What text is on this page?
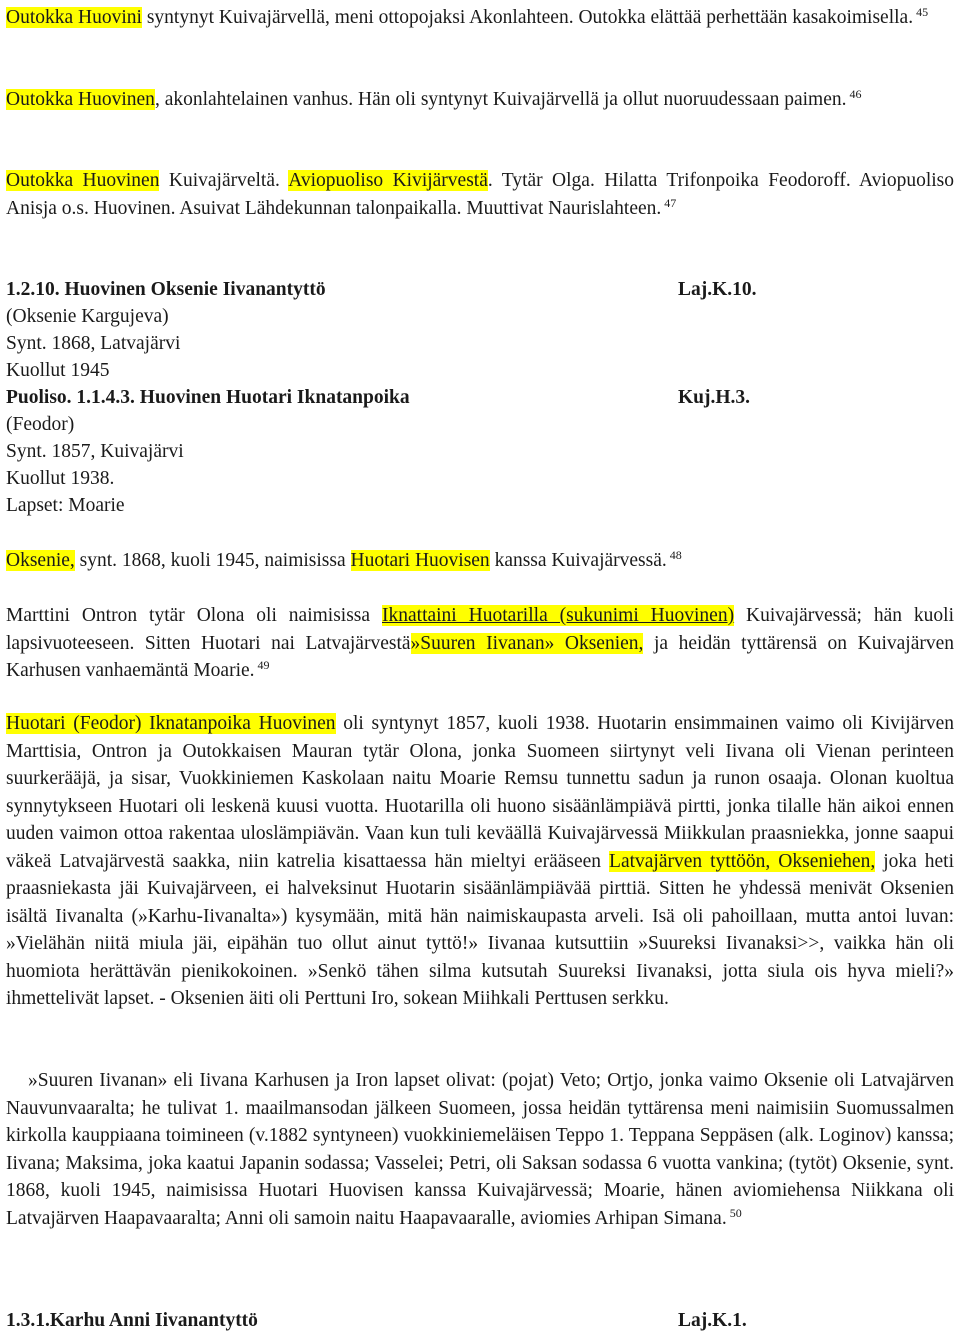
Outokka Huovini syntynyt Kuivajärvellä, meni ottopojaksi Akonlahteen. Outokka elättää perhettään kasakoimisella. $^{45}$

Outokka Huovinen, akonlahtelainen vanhus. Hän oli syntynyt Kuivajärvellä ja ollut nuoruudessaan paimen. $^{46}$

Outokka Huovinen Kuivajärveltä. Aviopuoliso Kivijärvestä. Tytär Olga. Hilatta Trifonpoika Feodoroff. Aviopuoliso Anisja o.s. Huovinen. Asuivat Lähdekunnan talonpaikalla. Muuttivat Naurislahteen. $^{47}$

1.2.10. Huovinen Oksenie Iivanantyttö	Laj.K.10.
(Oksenie Kargujeva)
Synt. 1868, Latvajärvi
Kuollut 1945
Puoliso. 1.1.4.3. Huovinen Huotari Iknatanpoika	Kuj.H.3.
(Feodor)
Synt. 1857, Kuivajärvi
Kuollut 1938.
Lapset: Moarie

Oksenie, synt. 1868, kuoli 1945, naimisissa Huotari Huovisen kanssa Kuivajärvessä. $^{48}$

Marttini Ontron tytär Olona oli naimisissa Iknattaini Huotarilla (sukunimi Huovinen) Kuivajärvessä; hän kuoli lapsivuoteeseen. Sitten Huotari nai Latvajärvestä»Suuren Iivanan» Oksenien, ja heidän tyttärensä on Kuivajärven Karhusen vanhaemäntä Moarie. $^{49}$

Huotari (Feodor) Iknatanpoika Huovinen oli syntynyt 1857, kuoli 1938. Huotarin ensimmainen vaimo oli Kivijärven Marttisia, Ontron ja Outokkaisen Mauran tytär Olona, jonka Suomeen siirtynyt veli Iivana oli Vienan perinteen suurkerääjä, ja sisar, Vuokkiniemen Kaskolaan naitu Moarie Remsu tunnettu sadun ja runon osaaja. Olonan kuoltua synnytykseen Huotari oli leskenä kuusi vuotta. Huotarilla oli huono sisäänlämpiävä pirtti, jonka tilalle hän aikoi ennen uuden vaimon ottoa rakentaa uloslämpiävän. Vaan kun tuli keväällä Kuivajärvessä Miikkulan praasniekka, jonne saapui väkeä Latvajärvestä saakka, niin katrelia kisattaessa hän mieltyi erääseen Latvajärven tyttöön, Okseniehen, joka heti praasniekasta jäi Kuivajärveen, ei halveksinut Huotarin sisäänlämpiävää pirttiä. Sitten he yhdessä menivät Oksenien isältä Iivanalta (»Karhu-Iivanalta») kysymään, mitä hän naimiskaupasta arveli. Isä oli pahoillaan, mutta antoi luvan: »Vielähän niitä miula jäi, eipähän tuo ollut ainut tyttö!» Iivanaa kutsuttiin »Suureksi Iivanaksi>>, vaikka hän oli huomiota herättävän pienikokoinen. »Senkö tähen silma kutsutah Suureksi Iivanaksi, jotta siula ois hyva mieli?» ihmettelivät lapset. - Oksenien äiti oli Perttuni Iro, sokean Miihkali Perttusen serkku.

»Suuren Iivanan» eli Iivana Karhusen ja Iron lapset olivat: (pojat) Veto; Ortjo, jonka vaimo Oksenie oli Latvajärven Nauvunvaaralta; he tulivat 1. maailmansodan jälkeen Suomeen, jossa heidän tyttärensa meni naimisiin Suomussalmen kirkolla kauppiaana toimineen (v.1882 syntyneen) vuokkiniemeläisen Teppo 1. Teppana Seppäsen (alk. Loginov) kanssa; Iivana; Maksima, joka kaatui Japanin sodassa; Vasselei; Petri, oli Saksan sodassa 6 vuotta vankina; (tytöt) Oksenie, synt. 1868, kuoli 1945, naimisissa Huotari Huovisen kanssa Kuivajärvessä; Moarie, hänen aviomiehensa Niikkana oli Latvajärven Haapavaaralta; Anni oli samoin naitu Haapavaaralle, aviomies Arhipan Simana. $^{50}$

1.3.1.Karhu Anni Iivanantyttö	Laj.K.1.
